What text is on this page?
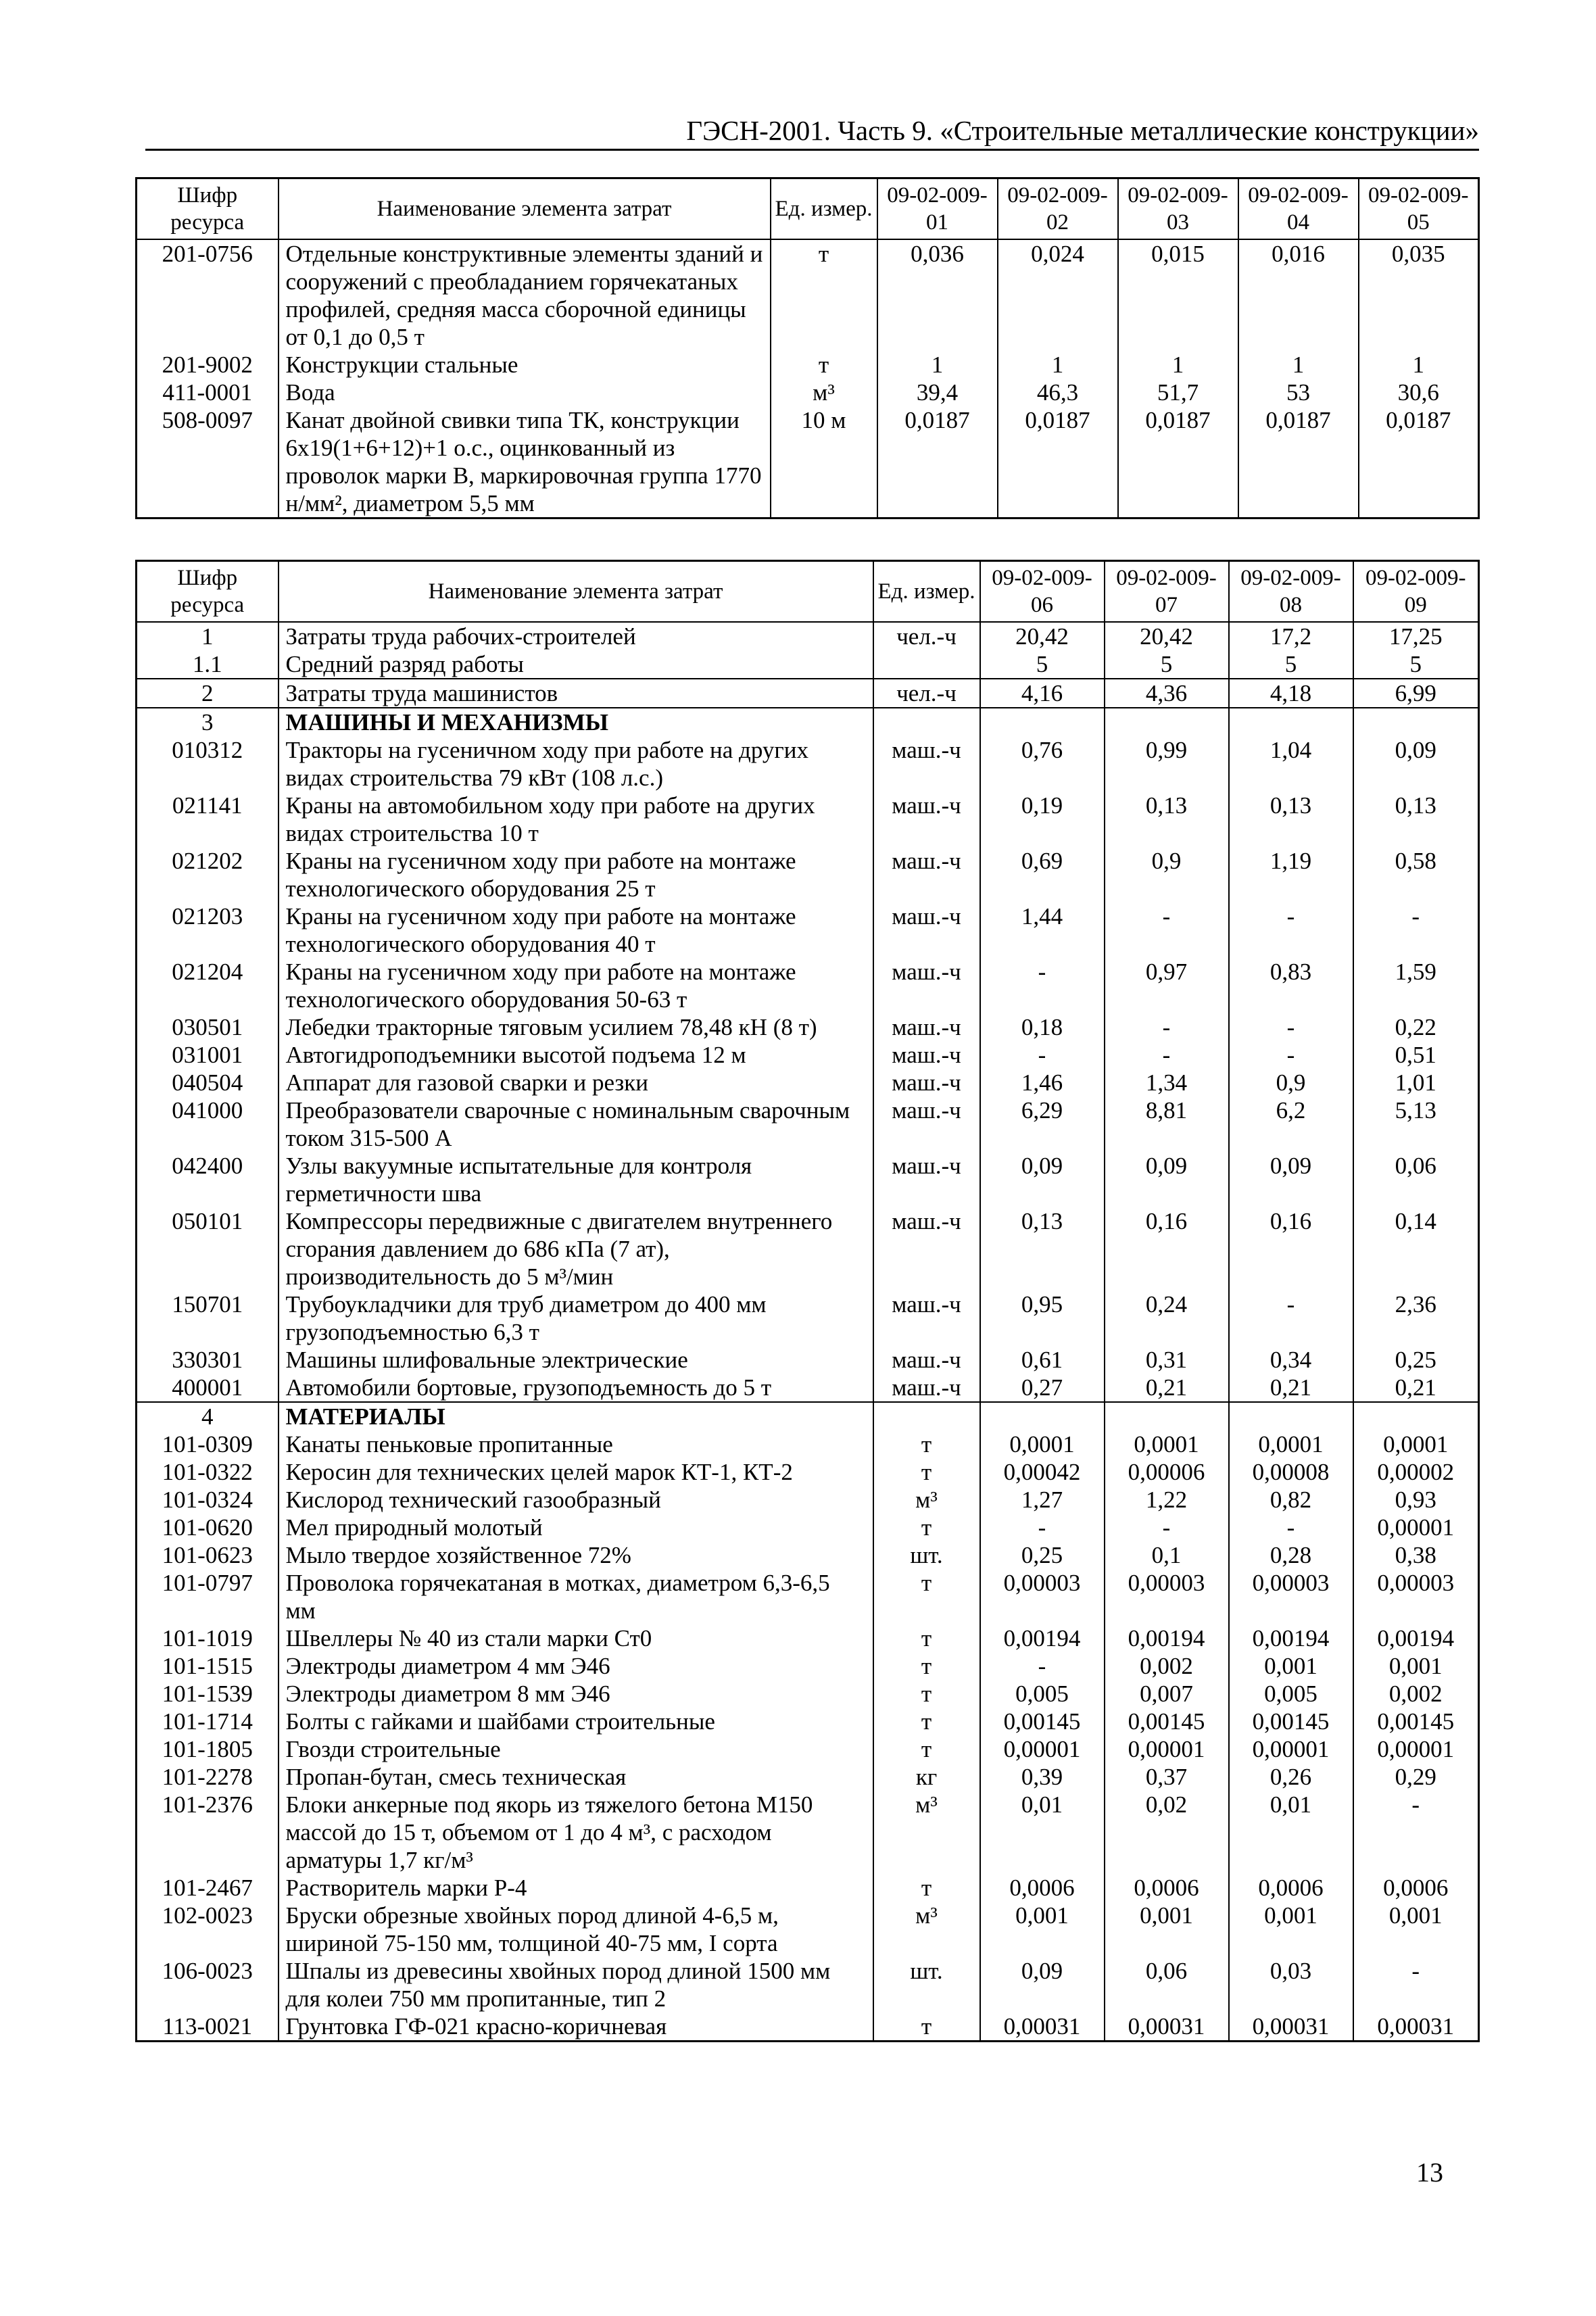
ГЭСН-2001. Часть 9. «Строительные металлические конструкции»
Шифр ресурса	Наименование элемента затрат	Ед. измер.	09-02-009-01	09-02-009-02	09-02-009-03	09-02-009-04	09-02-009-05
201-0756	Отдельные конструктивные элементы зданий и сооружений с преобладанием горячекатаных профилей, средняя масса сборочной единицы от 0,1 до 0,5 т	т	0,036	0,024	0,015	0,016	0,035
201-9002	Конструкции стальные	т	1	1	1	1	1
411-0001	Вода	м³	39,4	46,3	51,7	53	30,6
508-0097	Канат двойной свивки типа ТК, конструкции 6х19(1+6+12)+1 о.с., оцинкованный из проволок марки В, маркировочная группа 1770 н/мм², диаметром 5,5 мм	10 м	0,0187	0,0187	0,0187	0,0187	0,0187
Шифр ресурса	Наименование элемента затрат	Ед. измер.	09-02-009-06	09-02-009-07	09-02-009-08	09-02-009-09
1	Затраты труда рабочих-строителей	чел.-ч	20,42	20,42	17,2	17,25
1.1	Средний разряд работы		5	5	5	5
2	Затраты труда машинистов	чел.-ч	4,16	4,36	4,18	6,99
3	МАШИНЫ И МЕХАНИЗМЫ					
010312	Тракторы на гусеничном ходу при работе на других видах строительства 79 кВт (108 л.с.)	маш.-ч	0,76	0,99	1,04	0,09
021141	Краны на автомобильном ходу при работе на других видах строительства 10 т	маш.-ч	0,19	0,13	0,13	0,13
021202	Краны на гусеничном ходу при работе на монтаже технологического оборудования 25 т	маш.-ч	0,69	0,9	1,19	0,58
021203	Краны на гусеничном ходу при работе на монтаже технологического оборудования 40 т	маш.-ч	1,44	-	-	-
021204	Краны на гусеничном ходу при работе на монтаже технологического оборудования 50-63 т	маш.-ч	-	0,97	0,83	1,59
030501	Лебедки тракторные тяговым усилием 78,48 кН (8 т)	маш.-ч	0,18	-	-	0,22
031001	Автогидроподъемники высотой подъема 12 м	маш.-ч	-	-	-	0,51
040504	Аппарат для газовой сварки и резки	маш.-ч	1,46	1,34	0,9	1,01
041000	Преобразователи сварочные с номинальным сварочным током 315-500 А	маш.-ч	6,29	8,81	6,2	5,13
042400	Узлы вакуумные испытательные для контроля герметичности шва	маш.-ч	0,09	0,09	0,09	0,06
050101	Компрессоры передвижные с двигателем внутреннего сгорания давлением до 686 кПа (7 ат), производительность до 5 м³/мин	маш.-ч	0,13	0,16	0,16	0,14
150701	Трубоукладчики для труб диаметром до 400 мм грузоподъемностью 6,3 т	маш.-ч	0,95	0,24	-	2,36
330301	Машины шлифовальные электрические	маш.-ч	0,61	0,31	0,34	0,25
400001	Автомобили бортовые, грузоподъемность до 5 т	маш.-ч	0,27	0,21	0,21	0,21
4	МАТЕРИАЛЫ					
101-0309	Канаты пеньковые пропитанные	т	0,0001	0,0001	0,0001	0,0001
101-0322	Керосин для технических целей марок КТ-1, КТ-2	т	0,00042	0,00006	0,00008	0,00002
101-0324	Кислород технический газообразный	м³	1,27	1,22	0,82	0,93
101-0620	Мел природный молотый	т	-	-	-	0,00001
101-0623	Мыло твердое хозяйственное 72%	шт.	0,25	0,1	0,28	0,38
101-0797	Проволока горячекатаная в мотках, диаметром 6,3-6,5 мм	т	0,00003	0,00003	0,00003	0,00003
101-1019	Швеллеры № 40 из стали марки Ст0	т	0,00194	0,00194	0,00194	0,00194
101-1515	Электроды диаметром 4 мм Э46	т	-	0,002	0,001	0,001
101-1539	Электроды диаметром 8 мм Э46	т	0,005	0,007	0,005	0,002
101-1714	Болты с гайками и шайбами строительные	т	0,00145	0,00145	0,00145	0,00145
101-1805	Гвозди строительные	т	0,00001	0,00001	0,00001	0,00001
101-2278	Пропан-бутан, смесь техническая	кг	0,39	0,37	0,26	0,29
101-2376	Блоки анкерные под якорь из тяжелого бетона М150 массой до 15 т, объемом от 1 до 4 м³, с расходом арматуры 1,7 кг/м³	м³	0,01	0,02	0,01	-
101-2467	Растворитель марки Р-4	т	0,0006	0,0006	0,0006	0,0006
102-0023	Бруски обрезные хвойных пород длиной 4-6,5 м, шириной 75-150 мм, толщиной 40-75 мм, I сорта	м³	0,001	0,001	0,001	0,001
106-0023	Шпалы из древесины хвойных пород длиной 1500 мм для колеи 750 мм пропитанные, тип 2	шт.	0,09	0,06	0,03	-
113-0021	Грунтовка ГФ-021 красно-коричневая	т	0,00031	0,00031	0,00031	0,00031
13
